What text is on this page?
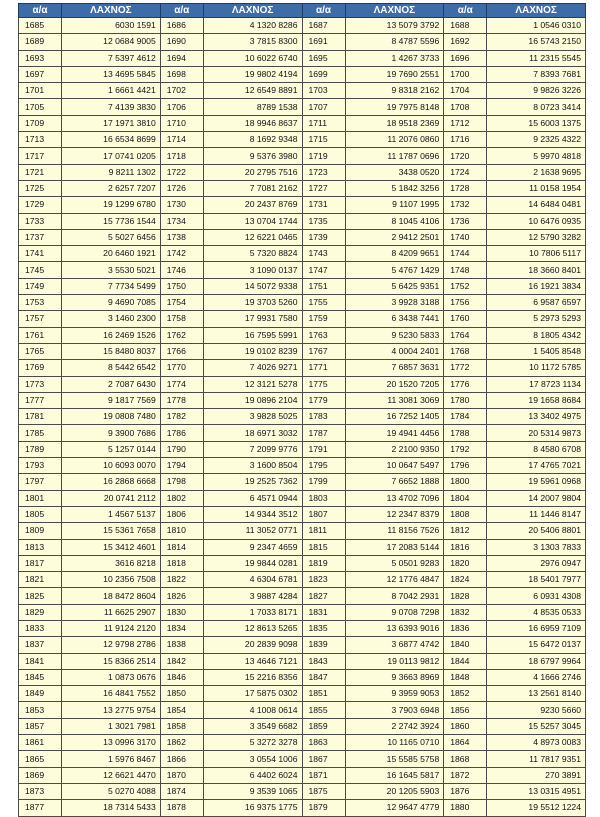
α/α	ΛΑΧΝΟΣ	α/α	ΛΑΧΝΟΣ	α/α	ΛΑΧΝΟΣ	α/α	ΛΑΧΝΟΣ
1685	6030 1591	1686	4 1320 8286	1687	13 5079 3792	1688	1 0546 0310
1689	12 0684 9005	1690	3 7815 8300	1691	8 4787 5596	1692	16 5743 2150
1693	7 5397 4612	1694	10 6022 6740	1695	1 4267 3733	1696	11 2315 5545
1697	13 4695 5845	1698	19 9802 4194	1699	19 7690 2551	1700	7 8393 7681
1701	1 6661 4421	1702	12 6549 8891	1703	9 8318 2162	1704	9 9826 3226
1705	7 4139 3830	1706	8789 1538	1707	19 7975 8148	1708	8 0723 3414
1709	17 1971 3810	1710	18 9946 8637	1711	18 9518 2369	1712	15 6003 1375
1713	16 6534 8699	1714	8 1692 9348	1715	11 2076 0860	1716	9 2325 4322
1717	17 0741 0205	1718	9 5376 3980	1719	11 1787 0696	1720	5 9970 4818
1721	9 8211 1302	1722	20 2795 7516	1723	3438 0520	1724	2 1638 9695
1725	2 6257 7207	1726	7 7081 2162	1727	5 1842 3256	1728	11 0158 1954
1729	19 1299 6780	1730	20 2437 8769	1731	9 1107 1995	1732	14 6484 0481
1733	15 7736 1544	1734	13 0704 1744	1735	8 1045 4106	1736	10 6476 0935
1737	5 5027 6456	1738	12 6221 0465	1739	2 9412 2501	1740	12 5790 3282
1741	20 6460 1921	1742	5 7320 8824	1743	8 4209 9651	1744	10 7806 5117
1745	3 5530 5021	1746	3 1090 0137	1747	5 4767 1429	1748	18 3660 8401
1749	7 7734 5499	1750	14 5072 9338	1751	5 6425 9351	1752	16 1921 3834
1753	9 4690 7085	1754	19 3703 5260	1755	3 9928 3188	1756	6 9587 6597
1757	3 1460 2300	1758	17 9931 7580	1759	6 3438 7441	1760	5 2973 5293
1761	16 2469 1526	1762	16 7595 5991	1763	9 5230 5833	1764	8 1805 4342
1765	15 8480 8037	1766	19 0102 8239	1767	4 0004 2401	1768	1 5405 8548
1769	8 5442 6542	1770	7 4026 9271	1771	7 6857 3631	1772	10 1172 5785
1773	2 7087 6430	1774	12 3121 5278	1775	20 1520 7205	1776	17 8723 1134
1777	9 1817 7569	1778	19 0896 2104	1779	11 3081 3069	1780	19 1658 8684
1781	19 0808 7480	1782	3 9828 5025	1783	16 7252 1405	1784	13 3402 4975
1785	9 3900 7686	1786	18 6971 3032	1787	19 4941 4456	1788	20 5314 9873
1789	5 1257 0144	1790	7 2099 9776	1791	2 2100 9350	1792	8 4580 6708
1793	10 6093 0070	1794	3 1600 8504	1795	10 0647 5497	1796	17 4765 7021
1797	16 2868 6668	1798	19 2525 7362	1799	7 6652 1888	1800	19 5961 0968
1801	20 0741 2112	1802	6 4571 0944	1803	13 4702 7096	1804	14 2007 9804
1805	1 4567 5137	1806	14 9344 3512	1807	12 2347 8379	1808	11 1446 8147
1809	15 5361 7658	1810	11 3052 0771	1811	11 8156 7526	1812	20 5406 8801
1813	15 3412 4601	1814	9 2347 4659	1815	17 2083 5144	1816	3 1303 7833
1817	3616 8218	1818	19 9844 0281	1819	5 0501 9283	1820	2976 0947
1821	10 2356 7508	1822	4 6304 6781	1823	12 1776 4847	1824	18 5401 7977
1825	18 8472 8604	1826	3 9887 4284	1827	8 7042 2931	1828	6 0931 4308
1829	11 6625 2907	1830	1 7033 8171	1831	9 0708 7298	1832	4 8535 0533
1833	11 9124 2120	1834	12 8613 5265	1835	13 6393 9016	1836	16 6959 7109
1837	12 9798 2786	1838	20 2839 9098	1839	3 6877 4742	1840	15 6472 0137
1841	15 8366 2514	1842	13 4646 7121	1843	19 0113 9812	1844	18 6797 9964
1845	1 0873 0676	1846	15 2216 8356	1847	9 3663 8969	1848	4 1666 2746
1849	16 4841 7552	1850	17 5875 0302	1851	9 3959 9053	1852	13 2561 8140
1853	13 2775 9754	1854	4 1008 0614	1855	3 7903 6948	1856	9230 5660
1857	1 3021 7981	1858	3 3549 6682	1859	2 2742 3924	1860	15 5257 3045
1861	13 0996 3170	1862	5 3272 3278	1863	10 1165 0710	1864	4 8973 0083
1865	1 5976 8467	1866	3 0554 1006	1867	15 5585 5758	1868	11 7817 9351
1869	12 6621 4470	1870	6 4402 6024	1871	16 1645 5817	1872	270 3891
1873	5 0270 4088	1874	9 3539 1065	1875	20 1205 5903	1876	13 0315 4951
1877	18 7314 5433	1878	16 9375 1775	1879	12 9647 4779	1880	19 5512 1224
